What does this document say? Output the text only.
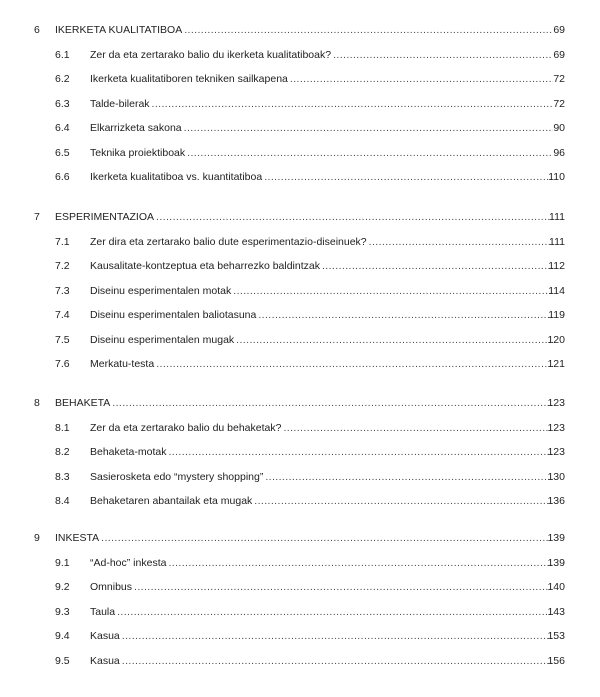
6 IKERKETA KUALITATIBOA .....	69
6.1 Zer da eta zertarako balio du ikerketa kualitatiboak? .....	69
6.2 Ikerketa kualitatiboren tekniken sailkapena .....	72
6.3 Talde-bilerak .....	72
6.4 Elkarrizketa sakona .....	90
6.5 Teknika proiektiboak .....	96
6.6 Ikerketa kualitatiboa vs. kuantitatiboa .....	110
7 ESPERIMENTAZIOA .....	111
7.1 Zer dira eta zertarako balio dute esperimentazio-diseinuek? .....	111
7.2 Kausalitate-kontzeptua eta beharrezko baldintzak .....	112
7.3 Diseinu esperimentalen motak .....	114
7.4 Diseinu esperimentalen baliotasuna .....	119
7.5 Diseinu esperimentalen mugak .....	120
7.6 Merkatu-testa .....	121
8 BEHAKETA .....	123
8.1 Zer da eta zertarako balio du behaketak? .....	123
8.2 Behaketa-motak .....	123
8.3 Sasierosketa edo “mystery shopping” .....	130
8.4 Behaketaren abantailak eta mugak .....	136
9 INKESTA .....	139
9.1 “Ad-hoc” inkesta .....	139
9.2 Omnibus .....	140
9.3 Taula .....	143
9.4 Kasua .....	153
9.5 Kasua .....	156
